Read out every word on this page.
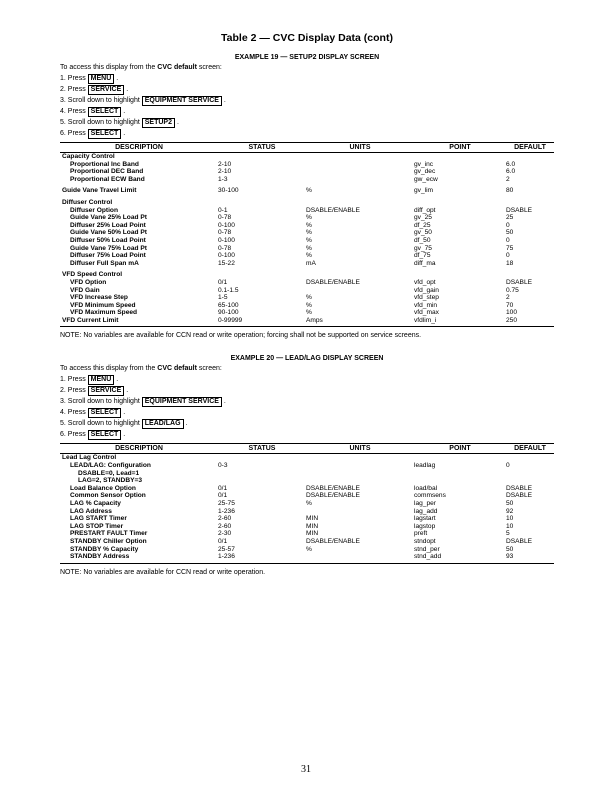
Table 2 — CVC Display Data (cont)
EXAMPLE 19 — SETUP2 DISPLAY SCREEN
To access this display from the CVC default screen:
1. Press MENU .
2. Press SERVICE .
3. Scroll down to highlight EQUIPMENT SERVICE .
4. Press SELECT .
5. Scroll down to highlight SETUP2 .
6. Press SELECT .
DESCRIPTION	STATUS	UNITS	POINT	DEFAULT
Capacity Control				
Proportional Inc Band	2-10		gv_inc	6.0
Proportional DEC Band	2-10		gv_dec	6.0
Proportional ECW Band	1-3		gw_ecw	2
Guide Vane Travel Limit	30-100	%	gv_lim	80
Diffuser Control				
Diffuser Option	0-1	DSABLE/ENABLE	diff_opt	DSABLE
Guide Vane 25% Load Pt	0-78	%	gv_25	25
Diffuser 25% Load Point	0-100	%	df_25	0
Guide Vane 50% Load Pt	0-78	%	gv_50	50
Diffuser 50% Load Point	0-100	%	df_50	0
Guide Vane 75% Load Pt	0-78	%	gv_75	75
Diffuser 75% Load Point	0-100	%	df_75	0
Diffuser Full Span mA	15-22	mA	diff_ma	18
VFD Speed Control				
VFD Option	0/1	DSABLE/ENABLE	vfd_opt	DSABLE
VFD Gain	0.1-1.5		vfd_gain	0.75
VFD Increase Step	1-5	%	vfd_step	2
VFD Minimum Speed	65-100	%	vfd_min	70
VFD Maximum Speed	90-100	%	vfd_max	100
VFD Current Limit	0-99999	Amps	vfdlim_i	250
NOTE: No variables are available for CCN read or write operation; forcing shall not be supported on service screens.
EXAMPLE 20 — LEAD/LAG DISPLAY SCREEN
To access this display from the CVC default screen:
1. Press MENU .
2. Press SERVICE .
3. Scroll down to highlight EQUIPMENT SERVICE .
4. Press SELECT .
5. Scroll down to highlight LEAD/LAG .
6. Press SELECT .
DESCRIPTION	STATUS	UNITS	POINT	DEFAULT
Lead Lag Control				
LEAD/LAG: Configuration	0-3		leadlag	0
DSABLE=0, Lead=1				
LAG=2, STANDBY=3				
Load Balance Option	0/1	DSABLE/ENABLE	load/bal	DSABLE
Common Sensor Option	0/1	DSABLE/ENABLE	commsens	DSABLE
LAG % Capacity	25-75	%	lag_per	50
LAG Address	1-236		lag_add	92
LAG START Timer	2-60	MIN	lagstart	10
LAG STOP Timer	2-60	MIN	lagstop	10
PRESTART FAULT Timer	2-30	MIN	preft	5
STANDBY Chiller Option	0/1	DSABLE/ENABLE	stndopt	DSABLE
STANDBY % Capacity	25-57	%	stnd_per	50
STANDBY Address	1-236		stnd_add	93
NOTE: No variables are available for CCN read or write operation.
31
